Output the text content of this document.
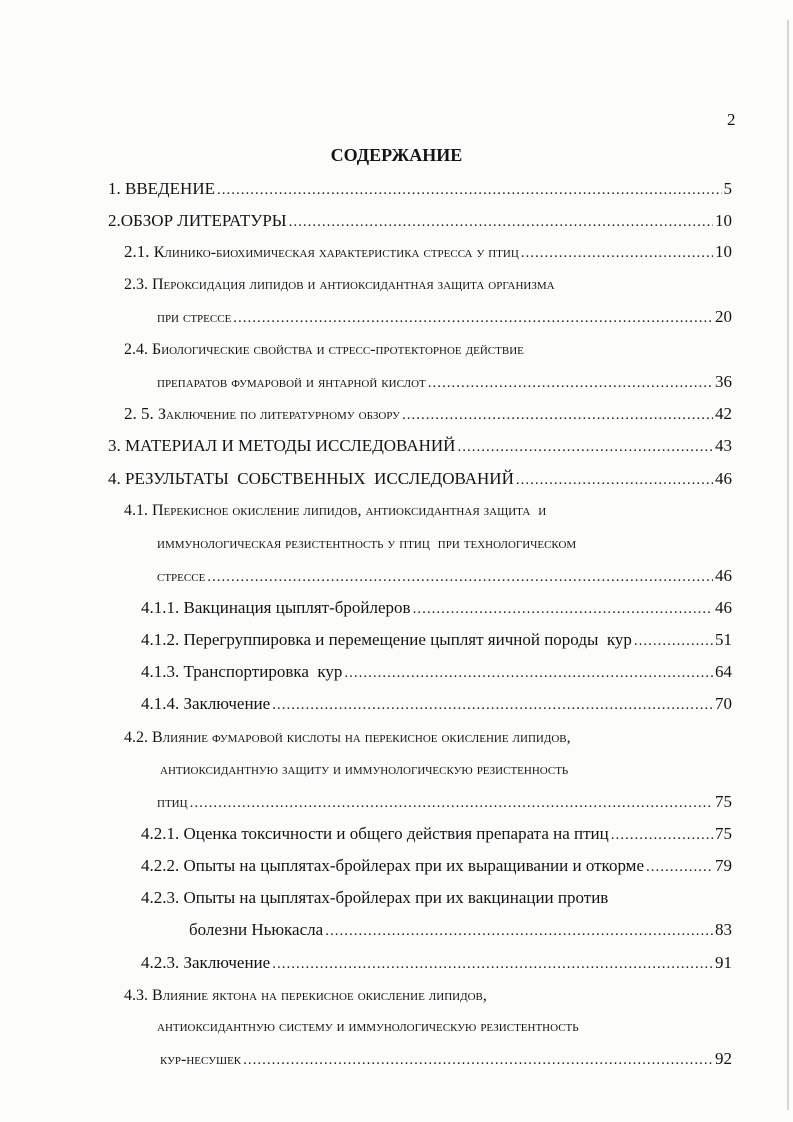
2
СОДЕРЖАНИЕ
1. ВВЕДЕНИЕ .....	5
2.ОБЗОР ЛИТЕРАТУРЫ .....	10
2.1. Клинико-биохимическая характеристика стресса у птиц .....	10
2.3. Пероксидация липидов и антиоксидантная защита организма
при стрессе .....	20
2.4. Биологические свойства и стресс-протекторное действие
препаратов фумаровой и янтарной кислот .....	36
2. 5. Заключение по литературному обзору .....	42
3. МАТЕРИАЛ И МЕТОДЫ ИССЛЕДОВАНИЙ .....	43
4. РЕЗУЛЬТАТЫ  СОБСТВЕННЫХ  ИССЛЕДОВАНИЙ .....	46
4.1. Перекисное окисление липидов, антиоксидантная защита  и
иммунологическая резистентность у птиц  при технологическом
стрессе .....	46
4.1.1. Вакцинация цыплят-бройлеров .....	46
4.1.2. Перегруппировка и перемещение цыплят яичной породы  кур .....	51
4.1.3. Транспортировка  кур .....	64
4.1.4. Заключение .....	70
4.2. Влияние фумаровой кислоты на перекисное окисление липидов,
антиоксидантную защиту и иммунологическую резистенность
птиц .....	75
4.2.1. Оценка токсичности и общего действия препарата на птиц .....	75
4.2.2. Опыты на цыплятах-бройлерах при их выращивании и откорме .....	79
4.2.3. Опыты на цыплятах-бройлерах при их вакцинации против
болезни Ньюкасла .....	83
4.2.3. Заключение .....	91
4.3. Влияние яктона на перекисное окисление липидов,
антиоксидантную систему и иммунологическую резистентность
кур-несушек .....	92
